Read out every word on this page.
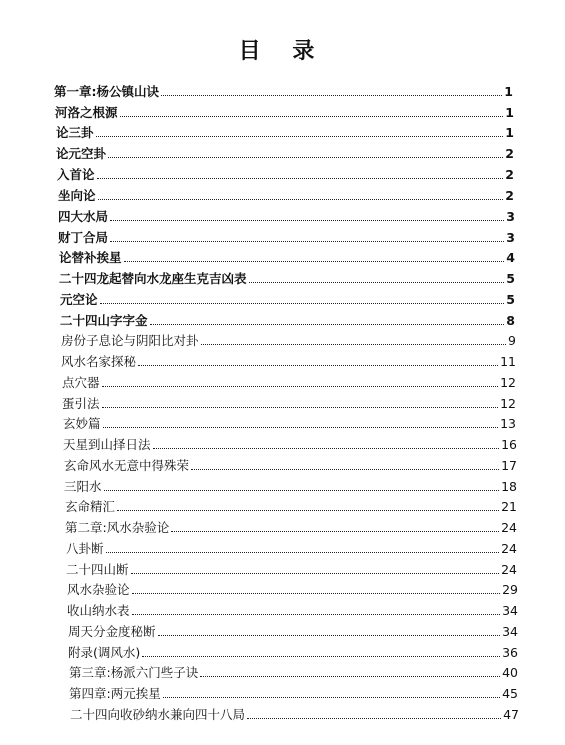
目 录
第一章:杨公镇山诀	1
河洛之根源	1
论三卦	1
论元空卦	2
入首论	2
坐向论	2
四大水局	3
财丁合局	3
论替补挨星	4
二十四龙起替向水龙座生克吉凶表	5
元空论	5
二十四山字字金	8
房份子息论与阴阳比对卦	9
风水名家探秘	11
点穴器	12
蛋引法	12
玄妙篇	13
天星到山择日法	16
玄命风水无意中得殊荣	17
三阳水	18
玄命精汇	21
第二章:风水杂验论	24
八卦断	24
二十四山断	24
风水杂验论	29
收山纳水表	34
周天分金度秘断	34
附录(调风水)	36
第三章:杨派六门些子诀	40
第四章:两元挨星	45
二十四向收砂纳水兼向四十八局	47
